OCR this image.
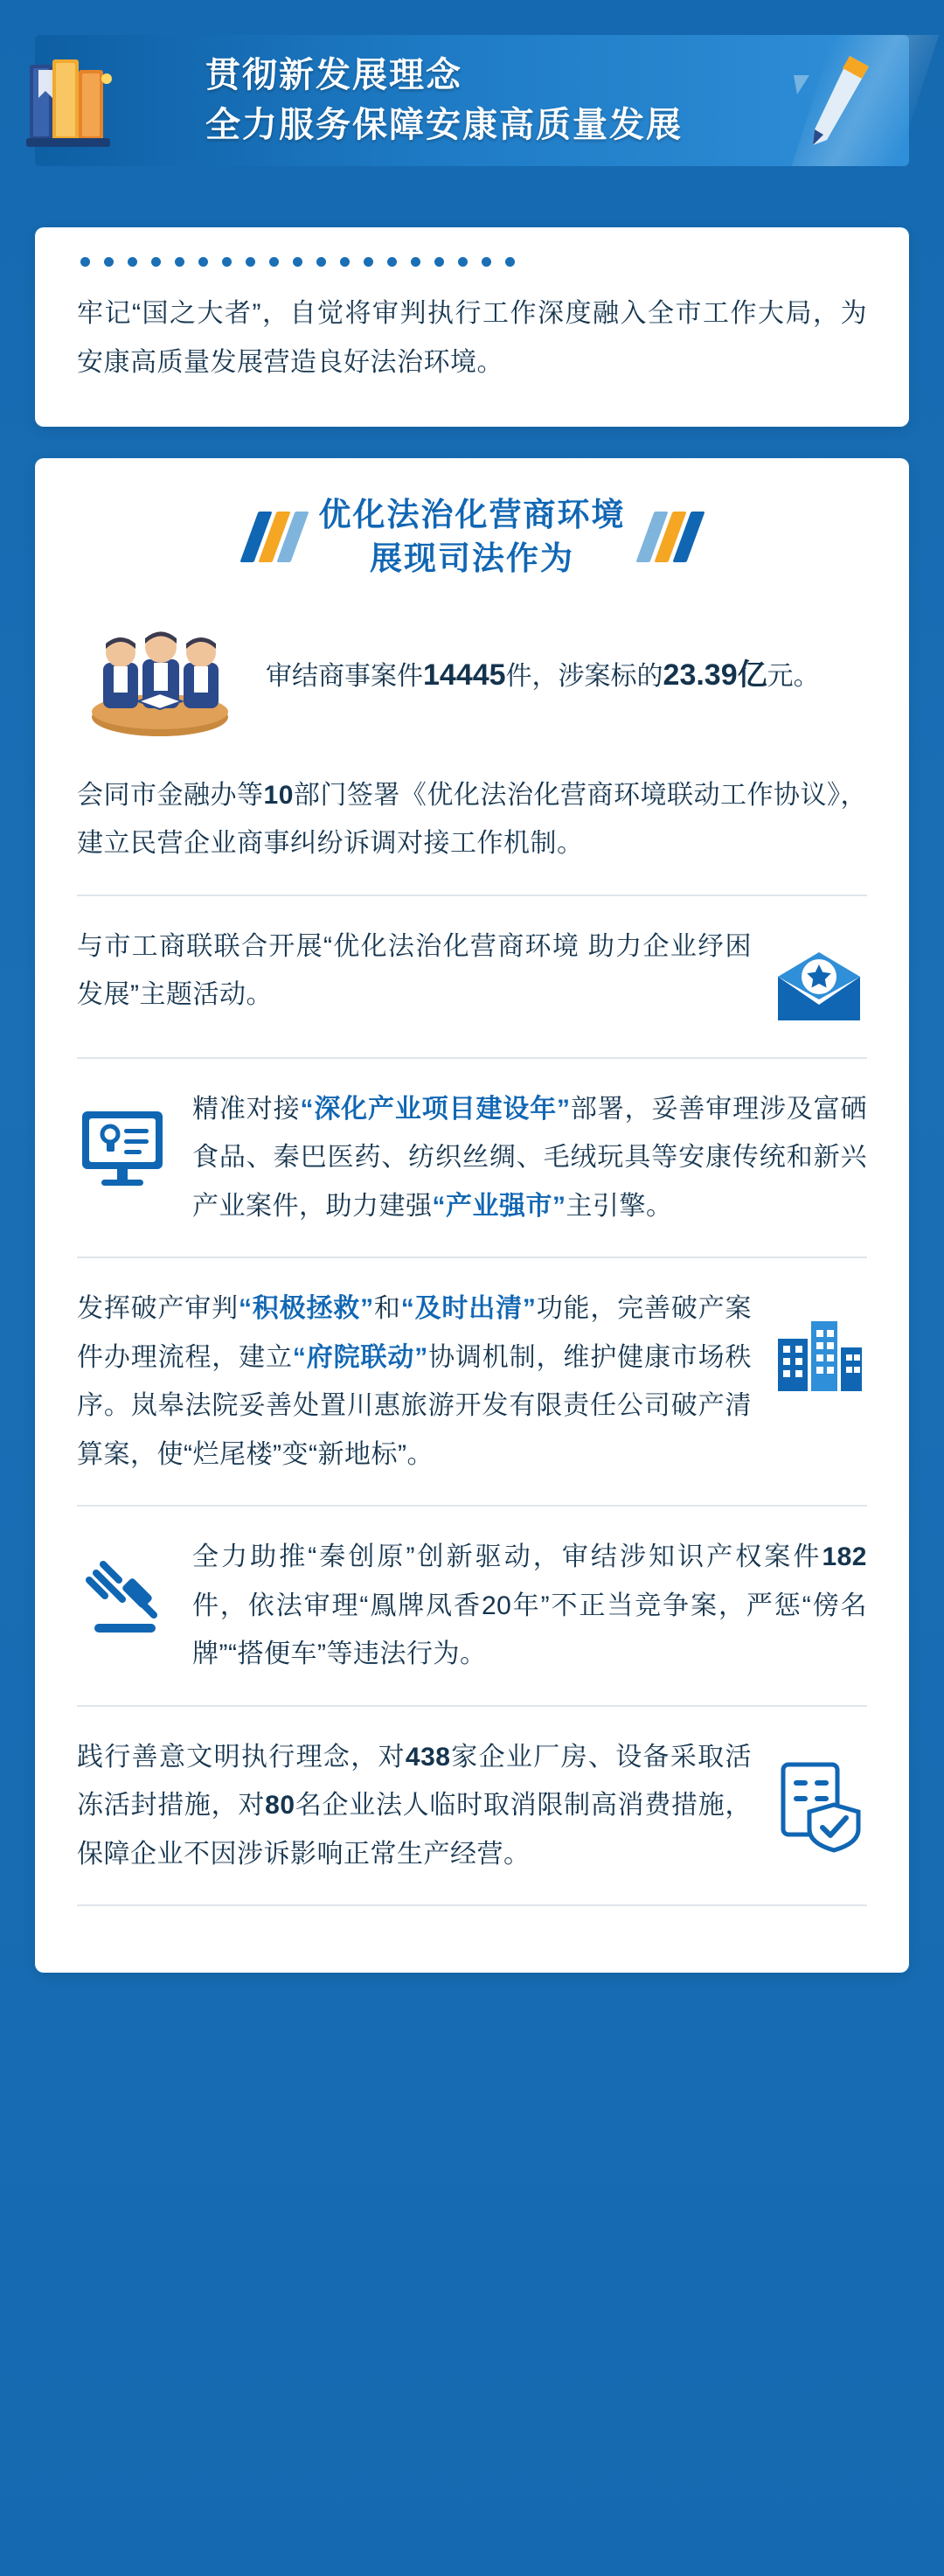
贯彻新发展理念
全力服务保障安康高质量发展
牢记“国之大者”，自觉将审判执行工作深度融入全市工作大局，为安康高质量发展营造良好法治环境。
优化法治化营商环境
展现司法作为
审结商事案件14445件，涉案标的23.39亿元。
会同市金融办等10部门签署《优化法治化营商环境联动工作协议》，建立民营企业商事纠纷诉调对接工作机制。
与市工商联联合开展“优化法治化营商环境 助力企业纾困发展”主题活动。
精准对接“深化产业项目建设年”部署，妥善审理涉及富硒食品、秦巴医药、纺织丝绸、毛绒玩具等安康传统和新兴产业案件，助力建强“产业强市”主引擎。
发挥破产审判“积极拯救”和“及时出清”功能，完善破产案件办理流程，建立“府院联动”协调机制，维护健康市场秩序。岚皋法院妥善处置川惠旅游开发有限责任公司破产清算案，使“烂尾楼”变“新地标”。
全力助推“秦创原”创新驱动，审结涉知识产权案件182件，依法审理“鳯牌凤香20年”不正当竞争案，严惩“傍名牌”“搭便车”等违法行为。
践行善意文明执行理念，对438家企业厂房、设备采取活冻活封措施，对80名企业法人临时取消限制高消费措施，保障企业不因涉诉影响正常生产经营。
